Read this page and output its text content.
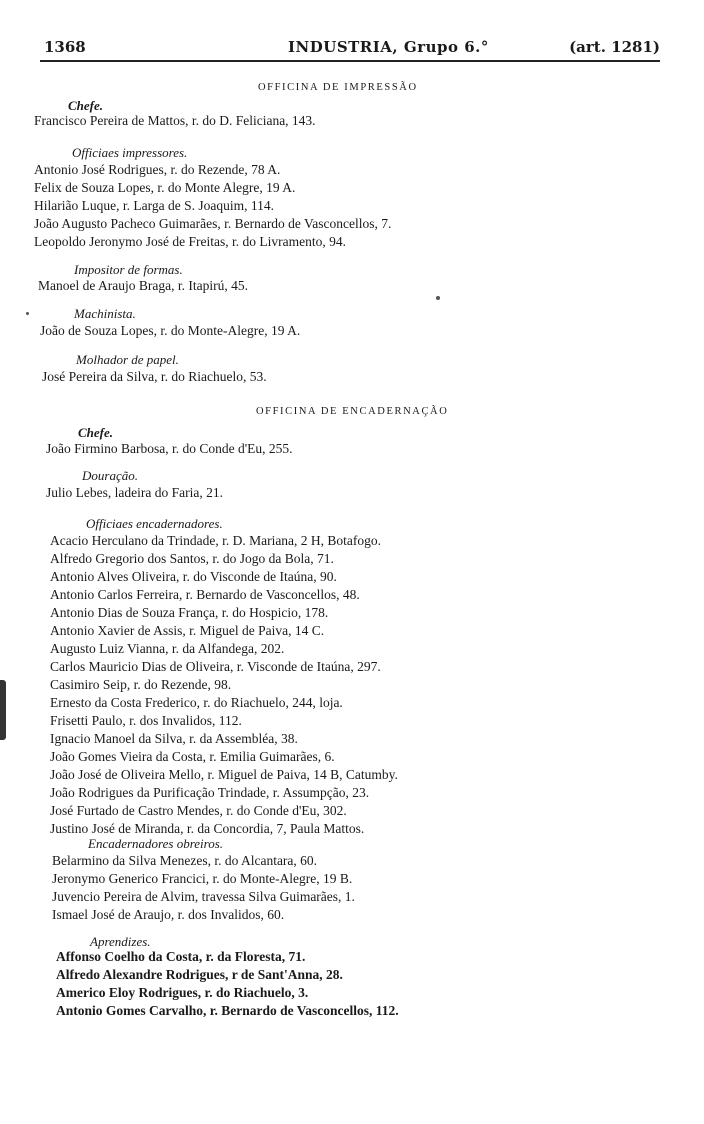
1368	INDUSTRIA, Grupo 6.°	(art. 1281)
OFFICINA DE IMPRESSÃO
Chefe.
Francisco Pereira de Mattos, r. do D. Feliciana, 143.
Officiaes impressores.
Antonio José Rodrigues, r. do Rezende, 78 A.
Felix de Souza Lopes, r. do Monte Alegre, 19 A.
Hilarião Luque, r. Larga de S. Joaquim, 114.
João Augusto Pacheco Guimarães, r. Bernardo de Vasconcellos, 7.
Leopoldo Jeronymo José de Freitas, r. do Livramento, 94.
Impositor de formas.
Manoel de Araujo Braga, r. Itapirú, 45.
Machinista.
João de Souza Lopes, r. do Monte-Alegre, 19 A.
Molhador de papel.
José Pereira da Silva, r. do Riachuelo, 53.
OFFICINA DE ENCADERNAÇÃO
Chefe.
João Firmino Barbosa, r. do Conde d'Eu, 255.
Douração.
Julio Lebes, ladeira do Faria, 21.
Officiaes encadernadores.
Acacio Herculano da Trindade, r. D. Mariana, 2 H, Botafogo.
Alfredo Gregorio dos Santos, r. do Jogo da Bola, 71.
Antonio Alves Oliveira, r. do Visconde de Itaúna, 90.
Antonio Carlos Ferreira, r. Bernardo de Vasconcellos, 48.
Antonio Dias de Souza França, r. do Hospicio, 178.
Antonio Xavier de Assis, r. Miguel de Paiva, 14 C.
Augusto Luiz Vianna, r. da Alfandega, 202.
Carlos Mauricio Dias de Oliveira, r. Visconde de Itaúna, 297.
Casimiro Seip, r. do Rezende, 98.
Ernesto da Costa Frederico, r. do Riachuelo, 244, loja.
Frisetti Paulo, r. dos Invalidos, 112.
Ignacio Manoel da Silva, r. da Assembléa, 38.
João Gomes Vieira da Costa, r. Emilia Guimarães, 6.
João José de Oliveira Mello, r. Miguel de Paiva, 14 B, Catumby.
João Rodrigues da Purificação Trindade, r. Assumpção, 23.
José Furtado de Castro Mendes, r. do Conde d'Eu, 302.
Justino José de Miranda, r. da Concordia, 7, Paula Mattos.
Encadernadores obreiros.
Belarmino da Silva Menezes, r. do Alcantara, 60.
Jeronymo Generico Francici, r. do Monte-Alegre, 19 B.
Juvencio Pereira de Alvim, travessa Silva Guimarães, 1.
Ismael José de Araujo, r. dos Invalidos, 60.
Aprendizes.
Affonso Coelho da Costa, r. da Floresta, 71.
Alfredo Alexandre Rodrigues, r de Sant'Anna, 28.
Americo Eloy Rodrigues, r. do Riachuelo, 3.
Antonio Gomes Carvalho, r. Bernardo de Vasconcellos, 112.
